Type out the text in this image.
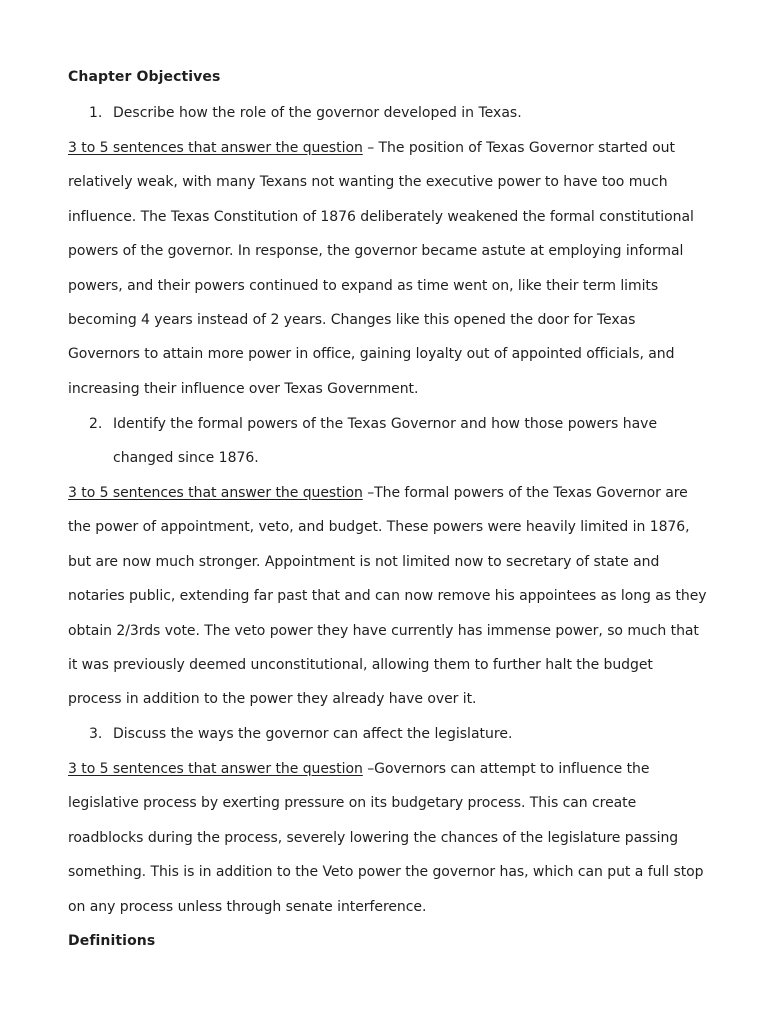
Chapter Objectives
1. Describe how the role of the governor developed in Texas.
3 to 5 sentences that answer the question – The position of Texas Governor started out relatively weak, with many Texans not wanting the executive power to have too much influence. The Texas Constitution of 1876 deliberately weakened the formal constitutional powers of the governor. In response, the governor became astute at employing informal powers, and their powers continued to expand as time went on, like their term limits becoming 4 years instead of 2 years. Changes like this opened the door for Texas Governors to attain more power in office, gaining loyalty out of appointed officials, and increasing their influence over Texas Government.
2. Identify the formal powers of the Texas Governor and how those powers have changed since 1876.
3 to 5 sentences that answer the question –The formal powers of the Texas Governor are the power of appointment, veto, and budget. These powers were heavily limited in 1876, but are now much stronger. Appointment is not limited now to secretary of state and notaries public, extending far past that and can now remove his appointees as long as they obtain 2/3rds vote. The veto power they have currently has immense power, so much that it was previously deemed unconstitutional, allowing them to further halt the budget process in addition to the power they already have over it.
3. Discuss the ways the governor can affect the legislature.
3 to 5 sentences that answer the question –Governors can attempt to influence the legislative process by exerting pressure on its budgetary process. This can create roadblocks during the process, severely lowering the chances of the legislature passing something. This is in addition to the Veto power the governor has, which can put a full stop on any process unless through senate interference.
Definitions
